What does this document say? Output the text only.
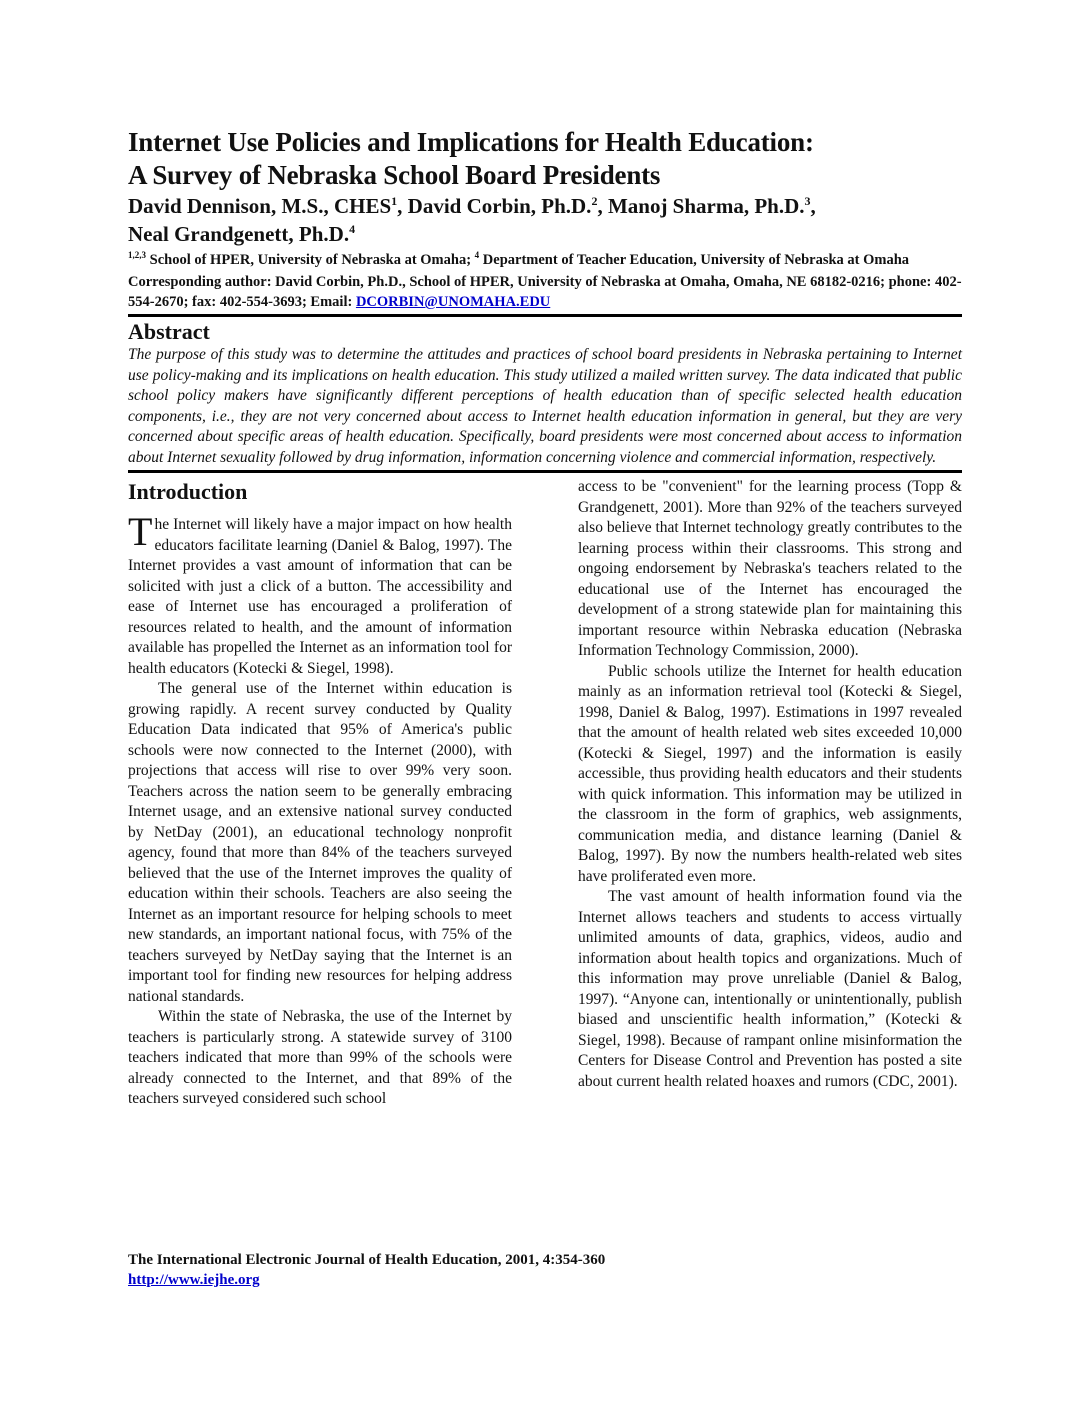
Internet Use Policies and Implications for Health Education:
A Survey of Nebraska School Board Presidents
David Dennison, M.S., CHES$^1$, David Corbin, Ph.D.$^2$, Manoj Sharma, Ph.D.$^3$,
Neal Grandgenett, Ph.D.$^4$
$^{1,2,3}$ School of HPER, University of Nebraska at Omaha; $^4$ Department of Teacher Education, University of Nebraska at Omaha
Corresponding author: David Corbin, Ph.D., School of HPER, University of Nebraska at Omaha, Omaha, NE 68182-0216; phone: 402-554-2670; fax: 402-554-3693; Email: DCORBIN@UNOMAHA.EDU
Abstract

The purpose of this study was to determine the attitudes and practices of school board presidents in Nebraska pertaining to Internet use policy-making and its implications on health education. This study utilized a mailed written survey. The data indicated that public school policy makers have significantly different perceptions of health education than of specific selected health education components, i.e., they are not very concerned about access to Internet health education information in general, but they are very concerned about specific areas of health education. Specifically, board presidents were most concerned about access to information about Internet sexuality followed by drug information, information concerning violence and commercial information, respectively.

Introduction

The Internet will likely have a major impact on how health educators facilitate learning (Daniel & Balog, 1997). The Internet provides a vast amount of information that can be solicited with just a click of a button. The accessibility and ease of Internet use has encouraged a proliferation of resources related to health, and the amount of information available has propelled the Internet as an information tool for health educators (Kotecki & Siegel, 1998).

The general use of the Internet within education is growing rapidly. A recent survey conducted by Quality Education Data indicated that 95% of America's public schools were now connected to the Internet (2000), with projections that access will rise to over 99% very soon. Teachers across the nation seem to be generally embracing Internet usage, and an extensive national survey conducted by NetDay (2001), an educational technology nonprofit agency, found that more than 84% of the teachers surveyed believed that the use of the Internet improves the quality of education within their schools. Teachers are also seeing the Internet as an important resource for helping schools to meet new standards, an important national focus, with 75% of the teachers surveyed by NetDay saying that the Internet is an important tool for finding new resources for helping address national standards.

Within the state of Nebraska, the use of the Internet by teachers is particularly strong. A statewide survey of 3100 teachers indicated that more than 99% of the schools were already connected to the Internet, and that 89% of the teachers surveyed considered such school

access to be "convenient" for the learning process (Topp & Grandgenett, 2001). More than 92% of the teachers surveyed also believe that Internet technology greatly contributes to the learning process within their classrooms. This strong and ongoing endorsement by Nebraska's teachers related to the educational use of the Internet has encouraged the development of a strong statewide plan for maintaining this important resource within Nebraska education (Nebraska Information Technology Commission, 2000).

Public schools utilize the Internet for health education mainly as an information retrieval tool (Kotecki & Siegel, 1998, Daniel & Balog, 1997). Estimations in 1997 revealed that the amount of health related web sites exceeded 10,000 (Kotecki & Siegel, 1997) and the information is easily accessible, thus providing health educators and their students with quick information. This information may be utilized in the classroom in the form of graphics, web assignments, communication media, and distance learning (Daniel & Balog, 1997). By now the numbers health-related web sites have proliferated even more.

The vast amount of health information found via the Internet allows teachers and students to access virtually unlimited amounts of data, graphics, videos, audio and information about health topics and organizations. Much of this information may prove unreliable (Daniel & Balog, 1997). “Anyone can, intentionally or unintentionally, publish biased and unscientific health information,” (Kotecki & Siegel, 1998). Because of rampant online misinformation the Centers for Disease Control and Prevention has posted a site about current health related hoaxes and rumors (CDC, 2001).

The International Electronic Journal of Health Education, 2001, 4:354-360
http://www.iejhe.org
